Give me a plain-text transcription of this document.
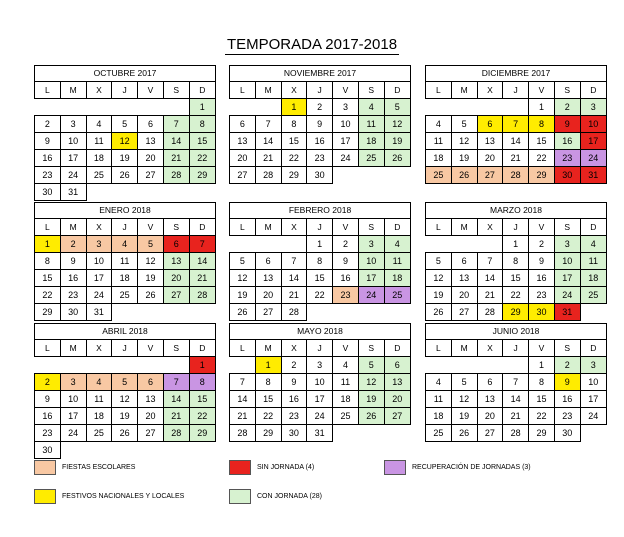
TEMPORADA 2017-2018
OCTUBRE 2017						
L	M	X	J	V	S	D
						1
2	3	4	5	6	7	8
9	10	11	12	13	14	15
16	17	18	19	20	21	22
23	24	25	26	27	28	29
30	31					
NOVIEMBRE 2017						
L	M	X	J	V	S	D
		1	2	3	4	5
6	7	8	9	10	11	12
13	14	15	16	17	18	19
20	21	22	23	24	25	26
27	28	29	30			
DICIEMBRE 2017						
L	M	X	J	V	S	D
				1	2	3
4	5	6	7	8	9	10
11	12	13	14	15	16	17
18	19	20	21	22	23	24
25	26	27	28	29	30	31
ENERO 2018						
L	M	X	J	V	S	D
1	2	3	4	5	6	7
8	9	10	11	12	13	14
15	16	17	18	19	20	21
22	23	24	25	26	27	28
29	30	31				
FEBRERO 2018						
L	M	X	J	V	S	D
			1	2	3	4
5	6	7	8	9	10	11
12	13	14	15	16	17	18
19	20	21	22	23	24	25
26	27	28				
MARZO 2018						
L	M	X	J	V	S	D
			1	2	3	4
5	6	7	8	9	10	11
12	13	14	15	16	17	18
19	20	21	22	23	24	25
26	27	28	29	30	31	
ABRIL 2018						
L	M	X	J	V	S	D
						1
2	3	4	5	6	7	8
9	10	11	12	13	14	15
16	17	18	19	20	21	22
23	24	25	26	27	28	29
30						
MAYO 2018						
L	M	X	J	V	S	D
	1	2	3	4	5	6
7	8	9	10	11	12	13
14	15	16	17	18	19	20
21	22	23	24	25	26	27
28	29	30	31			
JUNIO 2018						
L	M	X	J	V	S	D
				1	2	3
4	5	6	7	8	9	10
11	12	13	14	15	16	17
18	19	20	21	22	23	24
25	26	27	28	29	30	
FIESTAS ESCOLARES	SIN JORNADA (4)	RECUPERACIÓN DE JORNADAS (3)
FESTIVOS NACIONALES Y LOCALES	CON JORNADA (28)
